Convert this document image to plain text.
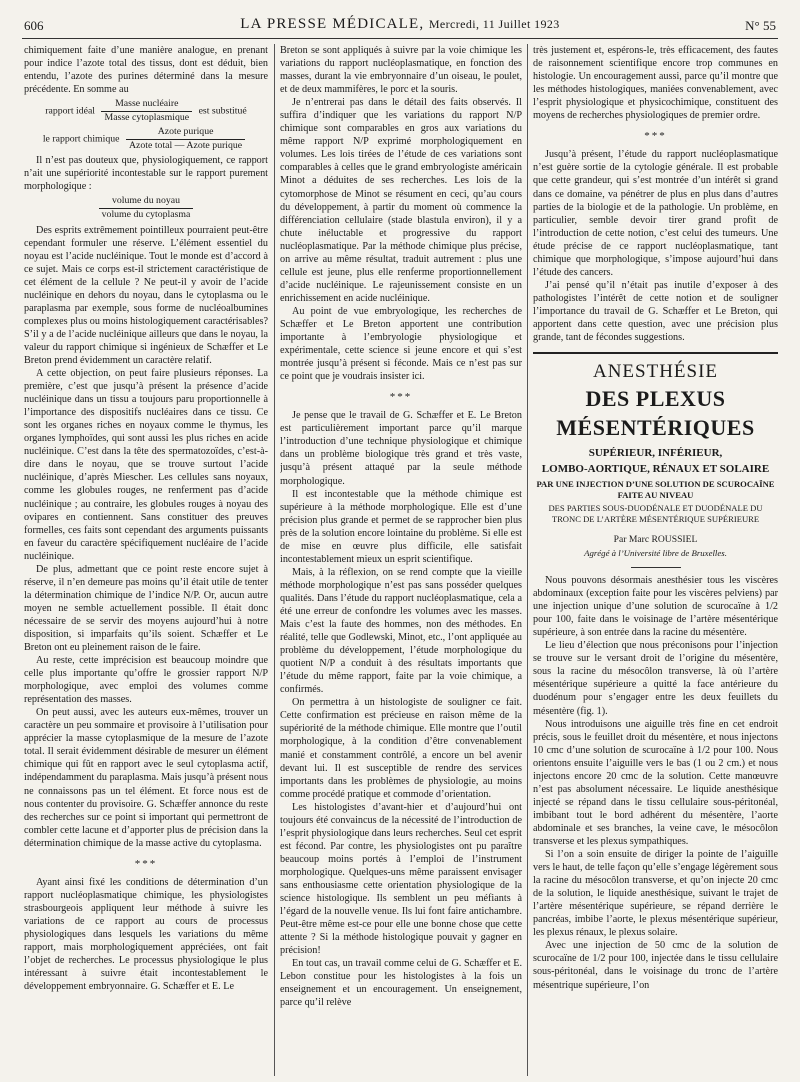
606	LA PRESSE MÉDICALE, Mercredi, 11 Juillet 1923	N° 55

chimiquement faite d’une manière analogue, en prenant pour indice l’azote total des tissus, dont est déduit, bien entendu, l’azote des purines déterminé dans la mesure précédente. En somme au

rapport idéal $\frac{\text{Masse nucléaire}}{\text{Masse cytoplasmique}}$ est substitué
le rapport chimique $\frac{\text{Azote purique}}{\text{Azote total — Azote purique}}$

Il n’est pas douteux que, physiologiquement, ce rapport n’ait une supériorité incontestable sur le rapport purement morphologique :

$\frac{\text{volume du noyau}}{\text{volume du cytoplasma}}$

Des esprits extrêmement pointilleux pourraient peut-être cependant formuler une réserve. L’élément essentiel du noyau est l’acide nucléinique. Tout le monde est d’accord à ce sujet. Mais ce corps est-il strictement caractéristique de cet élément de la cellule ? Ne peut-il y avoir de l’acide nucléinique en dehors du noyau, dans le cytoplasma ou le paraplasma par exemple, sous forme de nucléoalbumines complexes plus ou moins histologiquement caractérisables? S’il y a de l’acide nucléinique ailleurs que dans le noyau, la valeur du rapport chimique si ingénieux de Schæffer et Le Breton prend évidemment un caractère relatif.

A cette objection, on peut faire plusieurs réponses. La première, c’est que jusqu’à présent la présence d’acide nucléinique dans un tissu a toujours paru proportionnelle à l’importance des dispositifs nucléaires dans ce tissu. Ce sont les organes riches en noyaux comme le thymus, les organes lymphoïdes, qui sont aussi les plus riches en acide nucléinique. C’est dans la tête des spermatozoïdes, c’est-à-dire dans le noyau, que se trouve surtout l’acide nucléinique, d’après Miescher. Les cellules sans noyaux, comme les globules rouges, ne renferment pas d’acide nucléinique ; au contraire, les globules rouges à noyau des ovipares en contiennent. Sans constituer des preuves formelles, ces faits sont cependant des arguments puissants en faveur du caractère spécifiquement nucléaire de l’acide nucléinique.

De plus, admettant que ce point reste encore sujet à réserve, il n’en demeure pas moins qu’il était utile de tenter la détermination chimique de l’indice N/P. Or, aucun autre moyen ne semble actuellement possible. Il était donc nécessaire de se servir des moyens aujourd’hui à notre disposition, si imparfaits qu’ils soient. Schæffer et Le Breton ont eu pleinement raison de le faire.

Au reste, cette imprécision est beaucoup moindre que celle plus importante qu’offre le grossier rapport N/P morphologique, avec emploi des volumes comme représentation des masses.

On peut aussi, avec les auteurs eux-mêmes, trouver un caractère un peu sommaire et provisoire à l’utilisation pour apprécier la masse cytoplasmique de la mesure de l’azote total. Il serait évidemment désirable de mesurer un élément chimique qui fût en rapport avec le seul cytoplasma actif, indépendamment du paraplasma. Mais jusqu’à présent nous ne connaissons pas un tel élément. Et force nous est de nous contenter du provisoire. G. Schæffer annonce du reste des recherches sur ce point si important qui permettront de combler cette lacune et d’apporter plus de précision dans la détermination chimique de la masse active du cytoplasma.

***

Ayant ainsi fixé les conditions de détermination d’un rapport nucléoplasmatique chimique, les physiologistes strasbourgeois appliquent leur méthode à suivre les variations de ce rapport au cours de processus physiologiques dans lesquels les variations du même rapport, mais morphologiquement appréciées, ont fait l’objet de recherches. Le processus physiologique le plus intéressant à suivre était incontestablement le développement embryonnaire. G. Schæffer et E. Le

Breton se sont appliqués à suivre par la voie chimique les variations du rapport nucléoplasmatique, en fonction des masses, durant la vie embryonnaire d’un oiseau, le poulet, et de deux mammifères, le porc et la souris.

Je n’entrerai pas dans le détail des faits observés. Il suffira d’indiquer que les variations du rapport N/P chimique sont comparables en gros aux variations du même rapport N/P exprimé morphologiquement en volumes. Les lois tirées de l’étude de ces variations sont comparables à celles que le grand embryologiste américain Minot a déduites de ses recherches. Les lois de la cytomorphose de Minot se résument en ceci, qu’au cours du développement, à partir du moment où commence la différenciation cellulaire (stade blastula environ), il y a chute inéluctable et progressive du rapport nucléoplasmatique. Par la méthode chimique plus précise, on arrive au même résultat, traduit autrement : plus une cellule est jeune, plus elle renferme proportionnellement d’acide nucléinique. Le rajeunissement consiste en un enrichissement en acide nucléinique.

Au point de vue embryologique, les recherches de Schæffer et Le Breton apportent une contribution importante à l’embryologie physiologique et expérimentale, cette science si jeune encore et qui s’est montrée jusqu’à présent si féconde. Mais ce n’est pas sur ce point que je voudrais insister ici.

***

Je pense que le travail de G. Schæffer et E. Le Breton est particulièrement important parce qu’il marque l’introduction d’une technique physiologique et chimique dans un problème biologique très grand et très vaste, jusqu’à présent attaqué par la seule méthode morphologique.

Il est incontestable que la méthode chimique est supérieure à la méthode morphologique. Elle est d’une précision plus grande et permet de se rapprocher bien plus près de la solution encore lointaine du problème. Si elle est de mise en œuvre plus difficile, elle satisfait incontestablement mieux un esprit scientifique.

Mais, à la réflexion, on se rend compte que la vieille méthode morphologique n’est pas sans posséder quelques qualités. Dans l’étude du rapport nucléoplasmatique, cela a été une erreur de confondre les volumes avec les masses. Mais c’est la faute des hommes, non des méthodes. En réalité, telle que Godlewski, Minot, etc., l’ont appliquée au problème du développement, l’étude morphologique du quotient N/P a conduit à des résultats importants que l’étude du même rapport, faite par la voie chimique, a confirmés.

On permettra à un histologiste de souligner ce fait. Cette confirmation est précieuse en raison même de la supériorité de la méthode chimique. Elle montre que l’outil morphologique, à la condition d’être convenablement manié et constamment contrôlé, a encore un bel avenir devant lui. Il est susceptible de rendre des services importants dans les problèmes de physiologie, au moins comme procédé pratique et commode d’orientation.

Les histologistes d’avant-hier et d’aujourd’hui ont toujours été convaincus de la nécessité de l’introduction de l’esprit physiologique dans leurs recherches. Seul cet esprit est fécond. Par contre, les physiologistes ont pu paraître beaucoup moins portés à l’emploi de l’instrument morphologique. Quelques-uns même paraissent envisager sans enthousiasme cette orientation physiologique de la science histologique. Ils semblent un peu méfiants à l’égard de la nouvelle venue. Ils lui font faire antichambre. Peut-être même est-ce pour elle une bonne chose que cette attente ? Si la méthode histologique pouvait y gagner en précision!

En tout cas, un travail comme celui de G. Schæffer et E. Lebon constitue pour les histologistes à la fois un enseignement et un encouragement. Un enseignement, parce qu’il relève

très justement et, espérons-le, très efficacement, des fautes de raisonnement scientifique encore trop communes en histologie. Un encouragement aussi, parce qu’il montre que les méthodes histologiques, maniées convenablement, avec l’esprit physiologique et physicochimique, constituent des moyens de recherches physiologiques de premier ordre.

***

Jusqu’à présent, l’étude du rapport nucléoplasmatique n’est guère sortie de la cytologie générale. Il est probable que cette grandeur, qui s’est montrée d’un intérêt si grand dans ce domaine, va pénétrer de plus en plus dans d’autres parties de la biologie et de la pathologie. Un problème, en particulier, semble devoir tirer grand profit de l’introduction de cette notion, c’est celui des tumeurs. Une étude précise de ce rapport nucléoplasmatique, tant chimique que morphologique, s’impose aujourd’hui dans l’étude des cancers.

J’ai pensé qu’il n’était pas inutile d’exposer à des pathologistes l’intérêt de cette notion et de souligner l’importance du travail de G. Schæffer et Le Breton, qui apportent dans cette question, avec une précision plus grande, tant de fécondes suggestions.

ANESTHÉSIE
DES PLEXUS MÉSENTÉRIQUES
SUPÉRIEUR, INFÉRIEUR,
LOMBO-AORTIQUE, RÉNAUX ET SOLAIRE
PAR UNE INJECTION D’UNE SOLUTION DE SCUROCAÏNE FAITE AU NIVEAU
DES PARTIES SOUS-DUODÉNALE ET DUODÉNALE DU TRONC DE L’ARTÈRE MÉSENTÉRIQUE SUPÉRIEURE
Par Marc ROUSSIEL
Agrégé à l’Université libre de Bruxelles.

Nous pouvons désormais anesthésier tous les viscères abdominaux (exception faite pour les viscères pelviens) par une injection unique d’une solution de scurocaïne à 1/2 pour 100, faite dans le voisinage de l’artère mésentérique supérieure, à son entrée dans la racine du mésentère.

Le lieu d’élection que nous préconisons pour l’injection se trouve sur le versant droit de l’origine du mésentère, sous la racine du mésocôlon transverse, là où l’artère mésentérique supérieure a quitté la face antérieure du duodénum pour s’engager entre les deux feuillets du mésentère (fig. 1).

Nous introduisons une aiguille très fine en cet endroit précis, sous le feuillet droit du mésentère, et nous injectons 10 cmc d’une solution de scurocaïne à 1/2 pour 100. Nous orientons ensuite l’aiguille vers le bas (1 ou 2 cm.) et nous injectons encore 20 cmc de la solution. Cette manœuvre n’est pas absolument nécessaire. Le liquide anesthésique injecté se répand dans le tissu cellulaire sous-péritonéal, imbibant tout le bord adhérent du mésentère, l’aorte abdominale et ses branches, la veine cave, le mésocôlon transverse et les plexus sympathiques.

Si l’on a soin ensuite de diriger la pointe de l’aiguille vers le haut, de telle façon qu’elle s’engage légèrement sous la racine du mésocôlon transverse, et qu’on injecte 20 cmc de la solution, le liquide anesthésique, suivant le trajet de l’artère mésentérique supérieure, se répand derrière le pancréas, imbibe l’aorte, le plexus mésentérique supérieur, les plexus rénaux, le plexus solaire.

Avec une injection de 50 cmc de la solution de scurocaïne de 1/2 pour 100, injectée dans le tissu cellulaire sous-péritonéal, dans le voisinage du tronc de l’artère mésentrique supérieure, l’on
